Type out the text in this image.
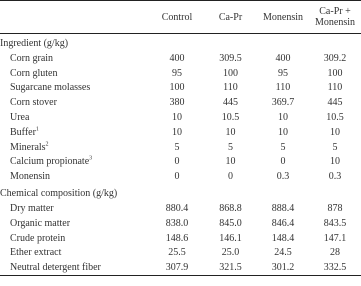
	Control	Ca-Pr	Monensin	Ca-Pr + Monensin
Ingredient (g/kg)				
Corn grain	400	309.5	400	309.2
Corn gluten	95	100	95	100
Sugarcane molasses	100	110	110	110
Corn stover	380	445	369.7	445
Urea	10	10.5	10	10.5
Buffer$^1$	10	10	10	10
Minerals$^2$	5	5	5	5
Calcium propionate$^3$	0	10	0	10
Monensin	0	0	0.3	0.3
Chemical composition (g/kg)				
Dry matter	880.4	868.8	888.4	878
Organic matter	838.0	845.0	846.4	843.5
Crude protein	148.6	146.1	148.4	147.1
Ether extract	25.5	25.0	24.5	28
Neutral detergent fiber	307.9	321.5	301.2	332.5
